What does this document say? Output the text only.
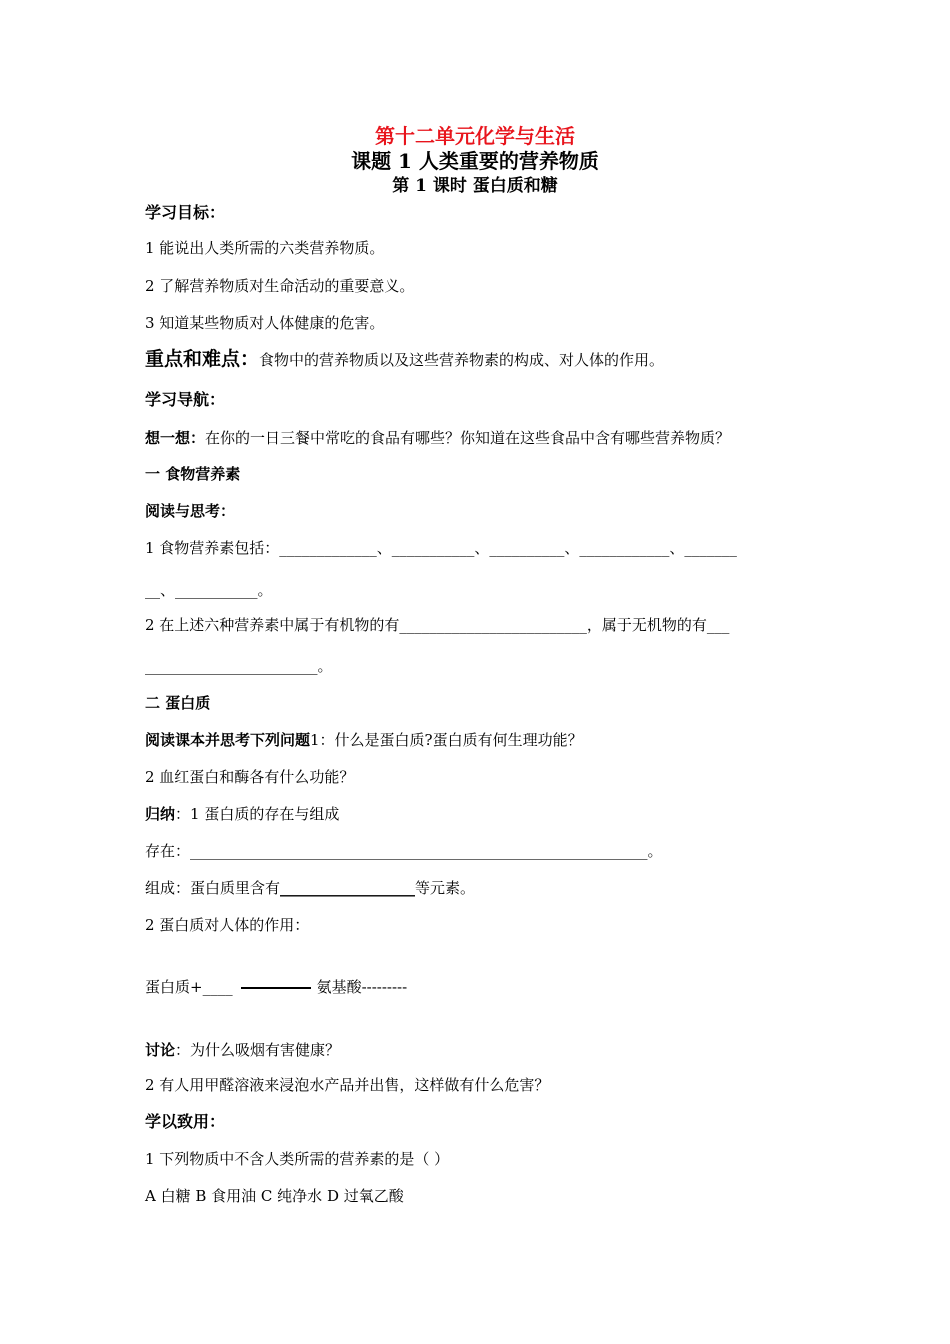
第十二单元化学与生活
课题 1 人类重要的营养物质
第 1 课时 蛋白质和糖
学习目标：
1 能说出人类所需的六类营养物质。
2 了解营养物质对生命活动的重要意义。
3 知道某些物质对人体健康的危害。
重点和难点：食物中的营养物质以及这些营养物素的构成、对人体的作用。
学习导航：
想一想：在你的一日三餐中常吃的食品有哪些？你知道在这些食品中含有哪些营养物质？
一 食物营养素
阅读与思考：
1 食物营养素包括：_____________、___________、__________、____________、_______
__、___________。
2 在上述六种营养素中属于有机物的有_________________________，属于无机物的有___
_______________________。
二 蛋白质
阅读课本并思考下列问题1：什么是蛋白质?蛋白质有何生理功能？
2 血红蛋白和酶各有什么功能？
归纳：1 蛋白质的存在与组成
存在：_____________________________________________________________。
组成：蛋白质里含有__________________等元素。
2 蛋白质对人体的作用：
蛋白质+____	氨基酸---------
讨论：为什么吸烟有害健康？
2 有人用甲醛溶液来浸泡水产品并出售，这样做有什么危害？
学以致用：
1 下列物质中不含人类所需的营养素的是（ ）
A 白糖 B 食用油 C 纯净水 D 过氧乙酸
